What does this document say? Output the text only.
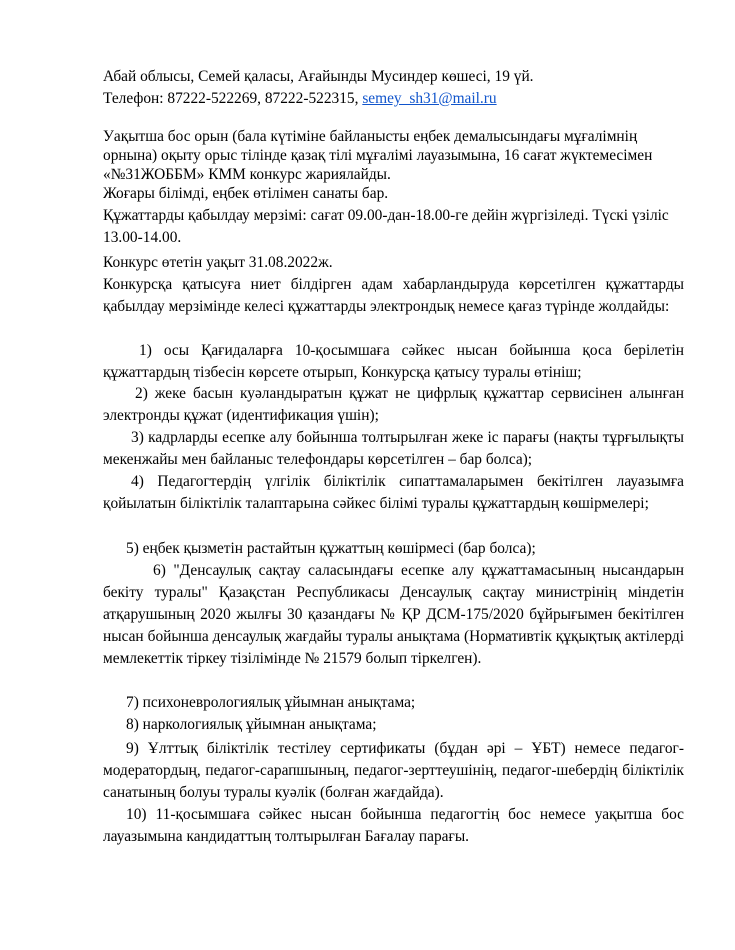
Абай облысы, Семей қаласы, Ағайынды Мусиндер көшесі, 19 үй.

Телефон: 87222-522269, 87222-522315, semey_sh31@mail.ru

Уақытша бос орын (бала күтіміне байланысты еңбек демалысындағы мұғалімнің орнына) оқыту орыс тілінде қазақ тілі мұғалімі лауазымына, 16 сағат жүктемесімен «№31ЖОББМ» КММ конкурс жариялайды.

Жоғары білімді, еңбек өтілімен санаты бар.

Құжаттарды қабылдау мерзімі: сағат 09.00-дан-18.00-ге дейін жүргізіледі. Түскі үзіліс 13.00-14.00.

Конкурс өтетін уақыт 31.08.2022ж.

Конкурсқа қатысуға ниет білдірген адам хабарландыруда көрсетілген құжаттарды қабылдау мерзімінде келесі құжаттарды электрондық немесе қағаз түрінде жолдайды:

1) осы Қағидаларға 10-қосымшаға сәйкес нысан бойынша қоса берілетін құжаттардың тізбесін көрсете отырып, Конкурсқа қатысу туралы өтініш;

2) жеке басын куәландыратын құжат не цифрлық құжаттар сервисінен алынған электронды құжат (идентификация үшін);

3) кадрларды есепке алу бойынша толтырылған жеке іс парағы (нақты тұрғылықты мекенжайы мен байланыс телефондары көрсетілген – бар болса);

4) Педагогтердің үлгілік біліктілік сипаттамаларымен бекітілген лауазымға қойылатын біліктілік талаптарына сәйкес білімі туралы құжаттардың көшірмелері;

5) еңбек қызметін растайтын құжаттың көшірмесі (бар болса);

6) "Денсаулық сақтау саласындағы есепке алу құжаттамасының нысандарын бекіту туралы" Қазақстан Республикасы Денсаулық сақтау министрінің міндетін атқарушының 2020 жылғы 30 қазандағы № ҚР ДСМ-175/2020 бұйрығымен бекітілген нысан бойынша денсаулық жағдайы туралы анықтама (Нормативтік құқықтық актілерді мемлекеттік тіркеу тізілімінде № 21579 болып тіркелген).

7) психоневрологиялық ұйымнан анықтама;

8) наркологиялық ұйымнан анықтама;

9) Ұлттық біліктілік тестілеу сертификаты (бұдан әрі – ҰБТ) немесе педагог-модератордың, педагог-сарапшының, педагог-зерттеушінің, педагог-шебердің біліктілік санатының болуы туралы куәлік (болған жағдайда).

10) 11-қосымшаға сәйкес нысан бойынша педагогтің бос немесе уақытша бос лауазымына кандидаттың толтырылған Бағалау парағы.
